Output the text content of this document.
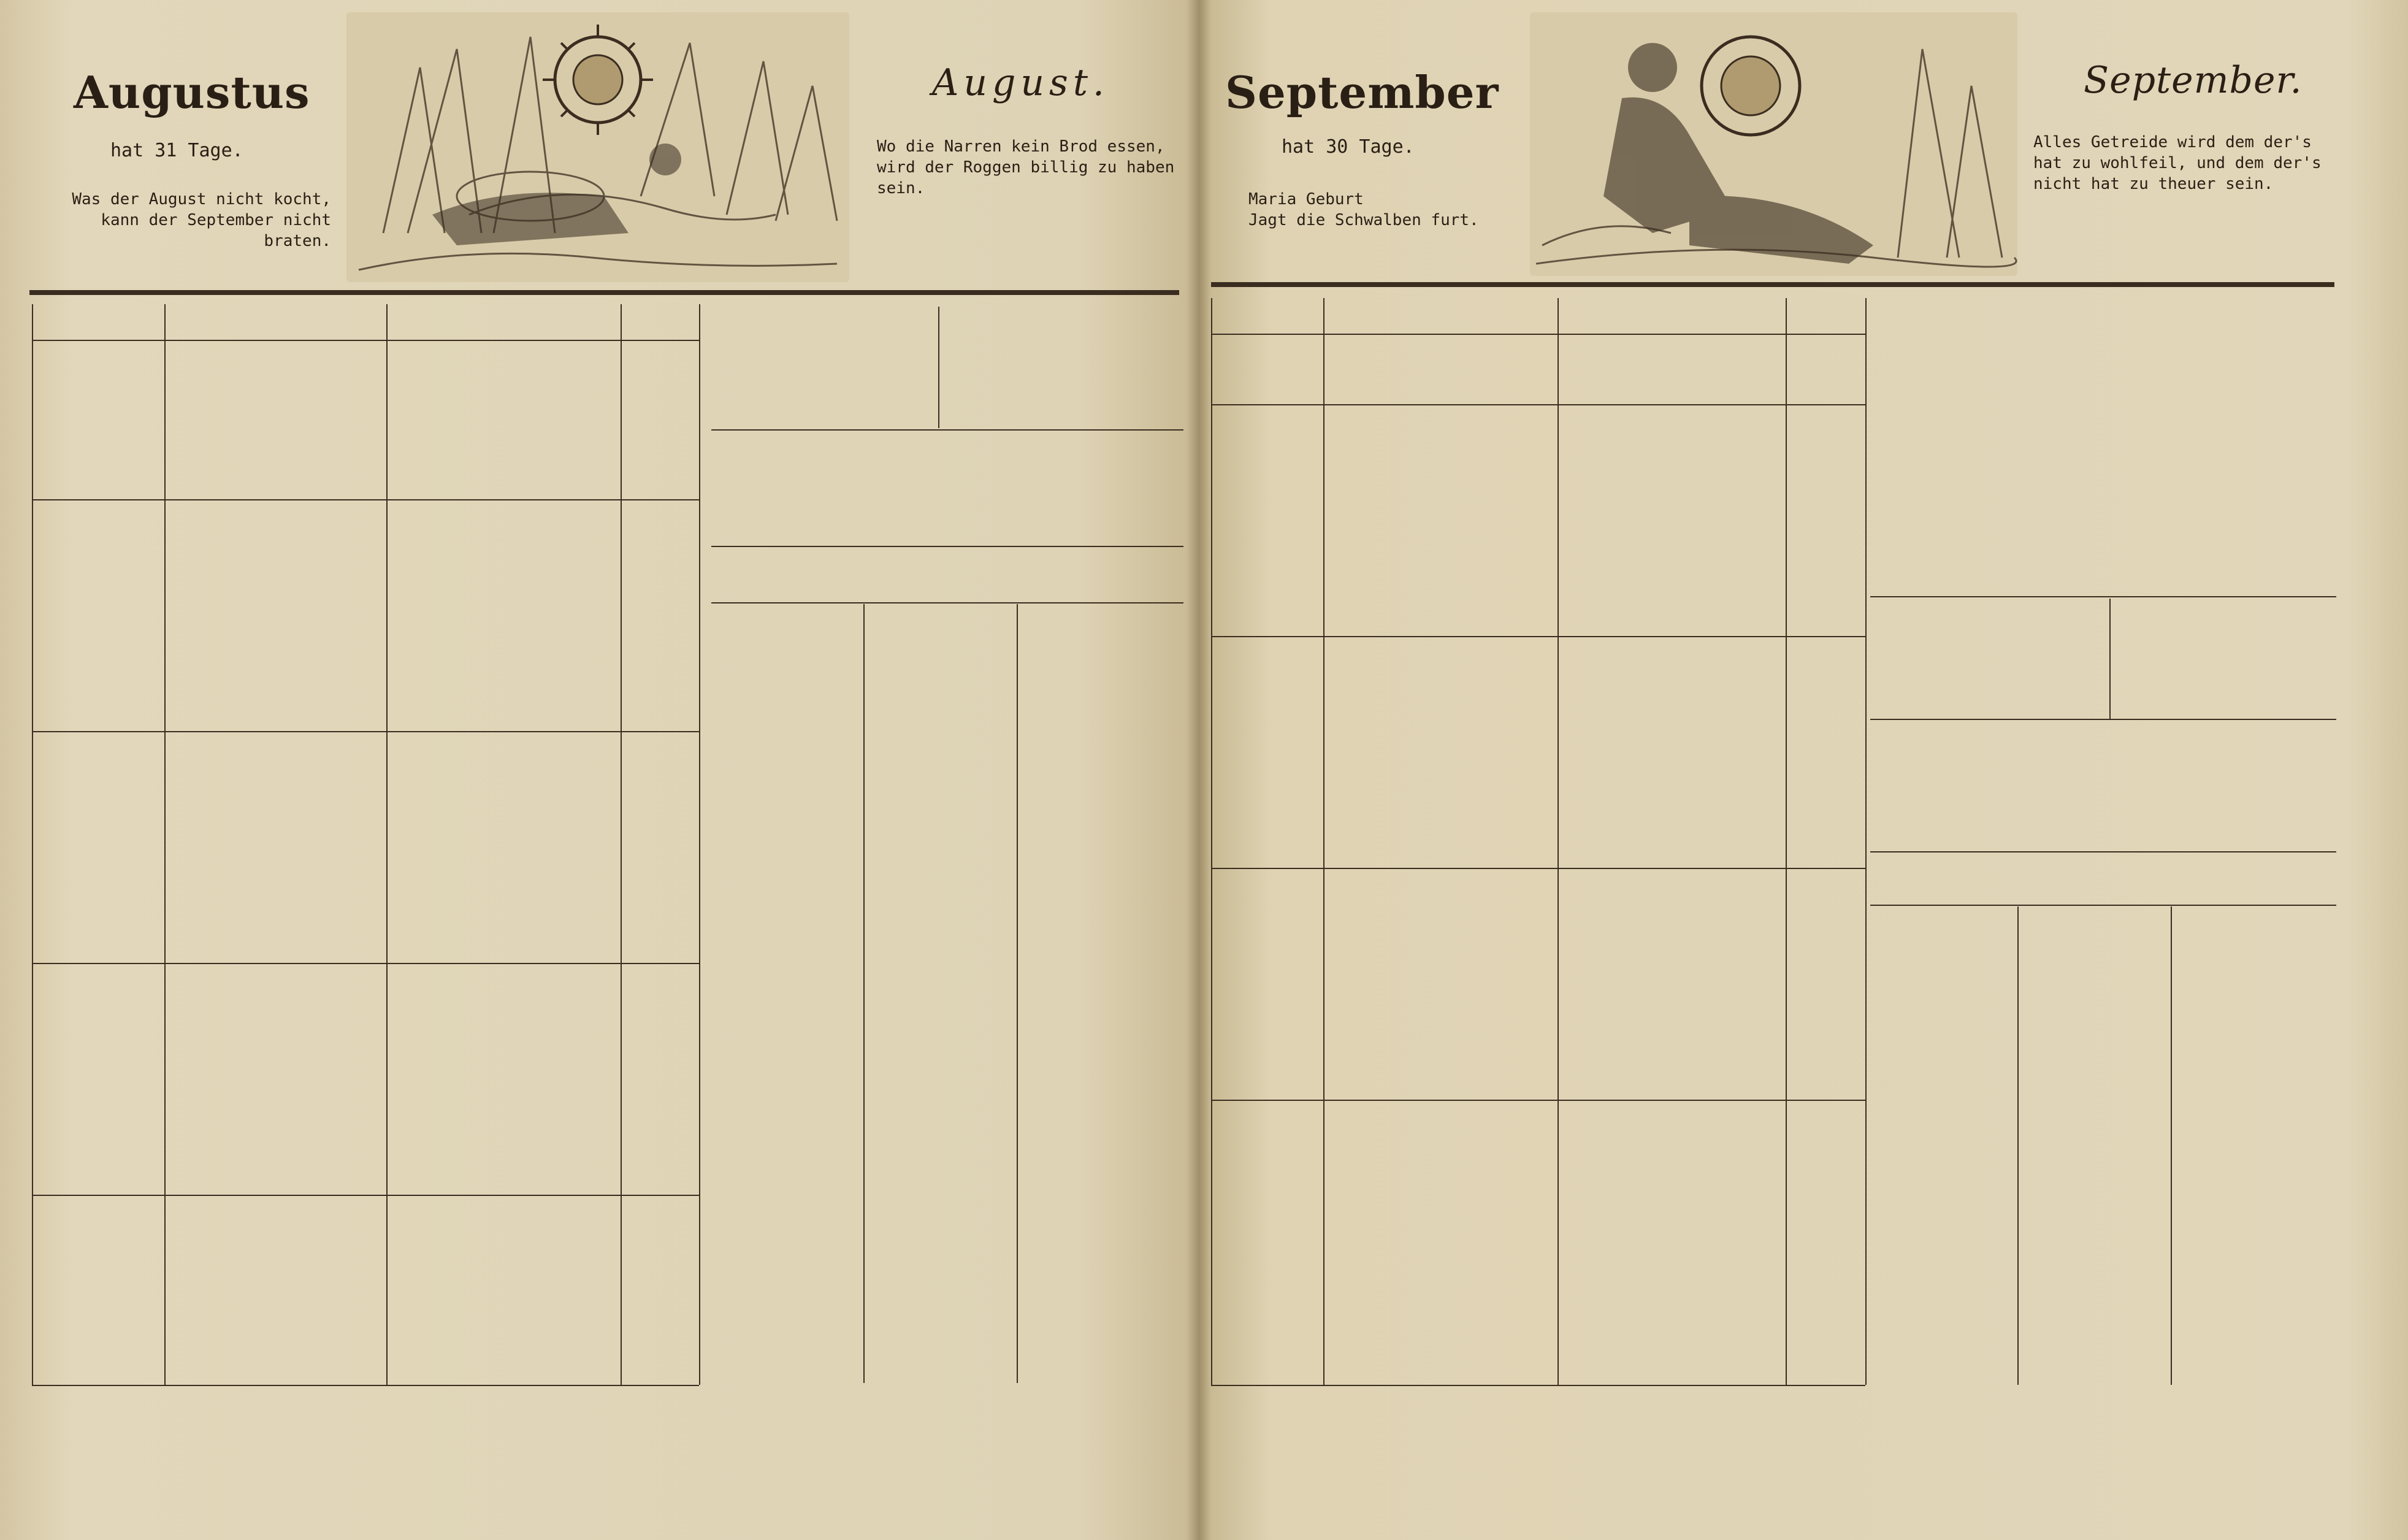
Augustus	August.
hat 31 Tage.
Was der August nicht kocht,
kann der September nicht braten.
Wo die Narren kein Brod essen,
wird der Roggen billig zu haben
sein.
September	September.
hat 30 Tage.
Maria Geburt
Jagt die Schwalben furt.
Alles Getreide wird dem der's
hat zu wohlfeil, und dem der's
nicht hat zu theuer sein.
